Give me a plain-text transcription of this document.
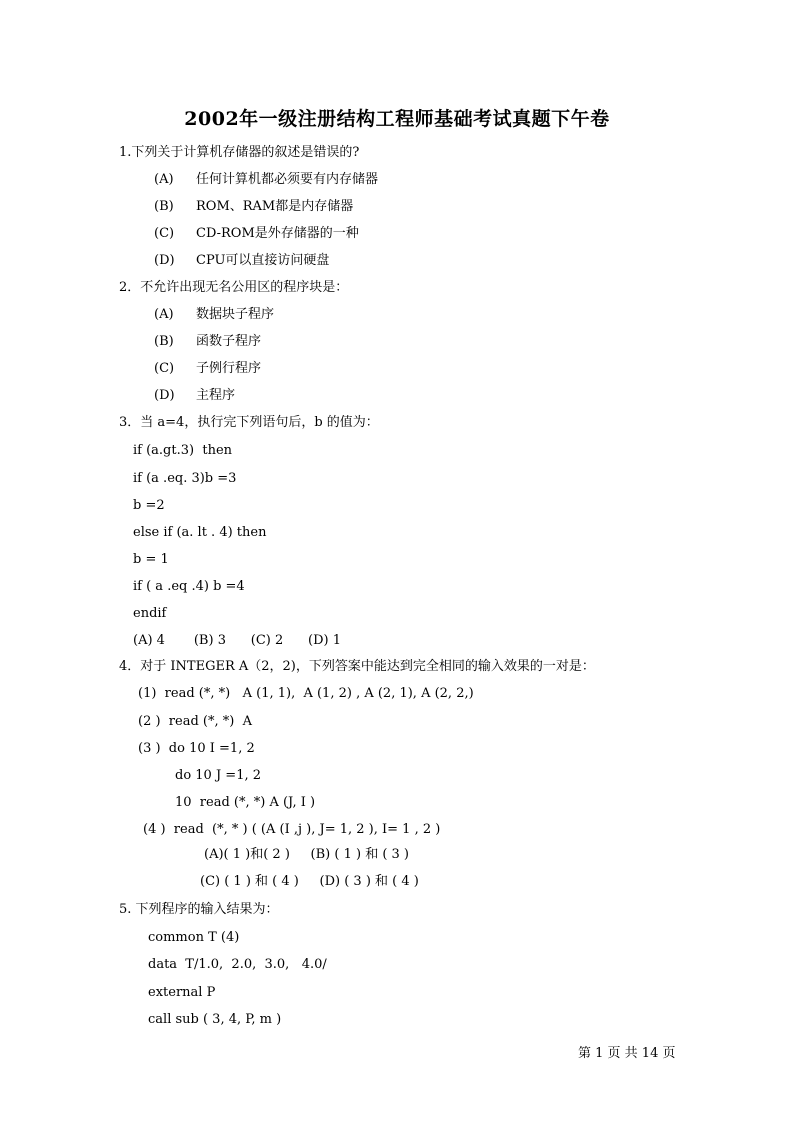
2002年一级注册结构工程师基础考试真题下午卷
1.下列关于计算机存储器的叙述是错误的?
(A) 任何计算机都必须要有内存储器
(B) ROM、RAM都是内存储器
(C) CD-ROM是外存储器的一种
(D) CPU可以直接访问硬盘
2．不允许出现无名公用区的程序块是：
(A) 数据块子程序
(B) 函数子程序
(C) 子例行程序
(D) 主程序
3．当 a=4，执行完下列语句后，b 的值为：
if (a.gt.3)  then
if (a .eq. 3)b =3
b =2
else if (a. lt . 4) then
b = 1
if ( a .eq .4) b =4
endif
(A) 4       (B) 3      (C) 2      (D) 1
4．对于 INTEGER A（2，2)，下列答案中能达到完全相同的输入效果的一对是：
(1)  read (*, *)   A (1, 1),  A (1, 2) , A (2, 1), A (2, 2,)
(2 )  read (*, *)  A
(3 )  do 10 I =1, 2
do 10 J =1, 2
10  read (*, *) A (J, I )
(4 )  read  (*, * ) ( (A (I ,j ), J= 1, 2 ), I= 1 , 2 )
(A)( 1 )和( 2 )     (B) ( 1 ) 和 ( 3 )
(C) ( 1 ) 和 ( 4 )     (D) ( 3 ) 和 ( 4 )
5. 下列程序的输入结果为：
common T (4)
data  T/1.0,  2.0,  3.0,   4.0/
external P
call sub ( 3, 4, P, m )
第 1 页 共 14 页
